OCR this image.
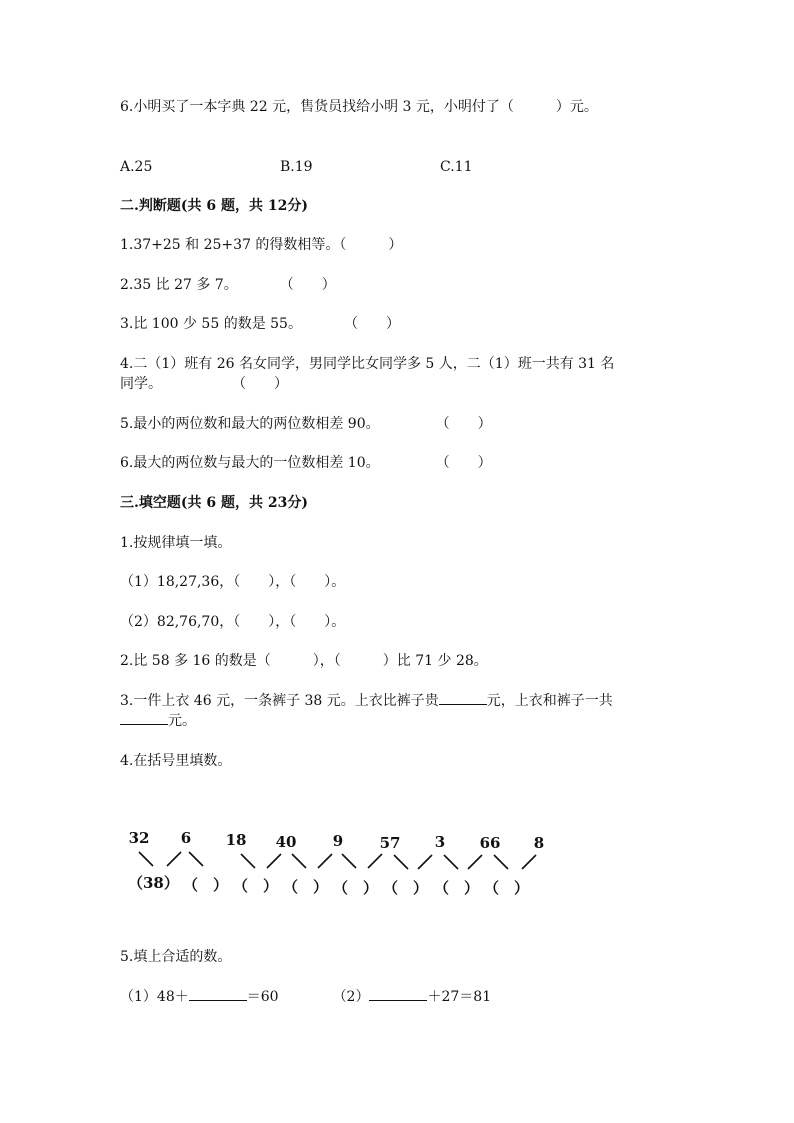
6.小明买了一本字典 22 元，售货员找给小明 3 元，小明付了（　　　）元。
A.25	B.19	C.11
二.判断题(共 6 题，共 12分)
1.37+25 和 25+37 的得数相等。（　　　）
2.35 比 27 多 7。　　　　（　　）
3.比 100 少 55 的数是 55。　　　　（　　）
4.二（1）班有 26 名女同学，男同学比女同学多 5 人，二（1）班一共有 31 名
同学。　　　　　　（　　）
5.最小的两位数和最大的两位数相差 90。　　　　　（　　）
6.最大的两位数与最大的一位数相差 10。　　　　　（　　）
三.填空题(共 6 题，共 23分)
1.按规律填一填。
（1）18,27,36，（　　），（　　）。
（2）82,76,70，（　　），（　　）。
2.比 58 多 16 的数是（　　　），（　　　）比 71 少 28。
3.一件上衣 46 元，一条裤子 38 元。上衣比裤子贵	元，上衣和裤子一共
元。
4.在括号里填数。
32	6	18	40	9	57	3	66	8
（38） （　） （　） （　） （　） （　） （　） （　）
5.填上合适的数。
（1）48＋	＝60	（2）	＋27＝81
